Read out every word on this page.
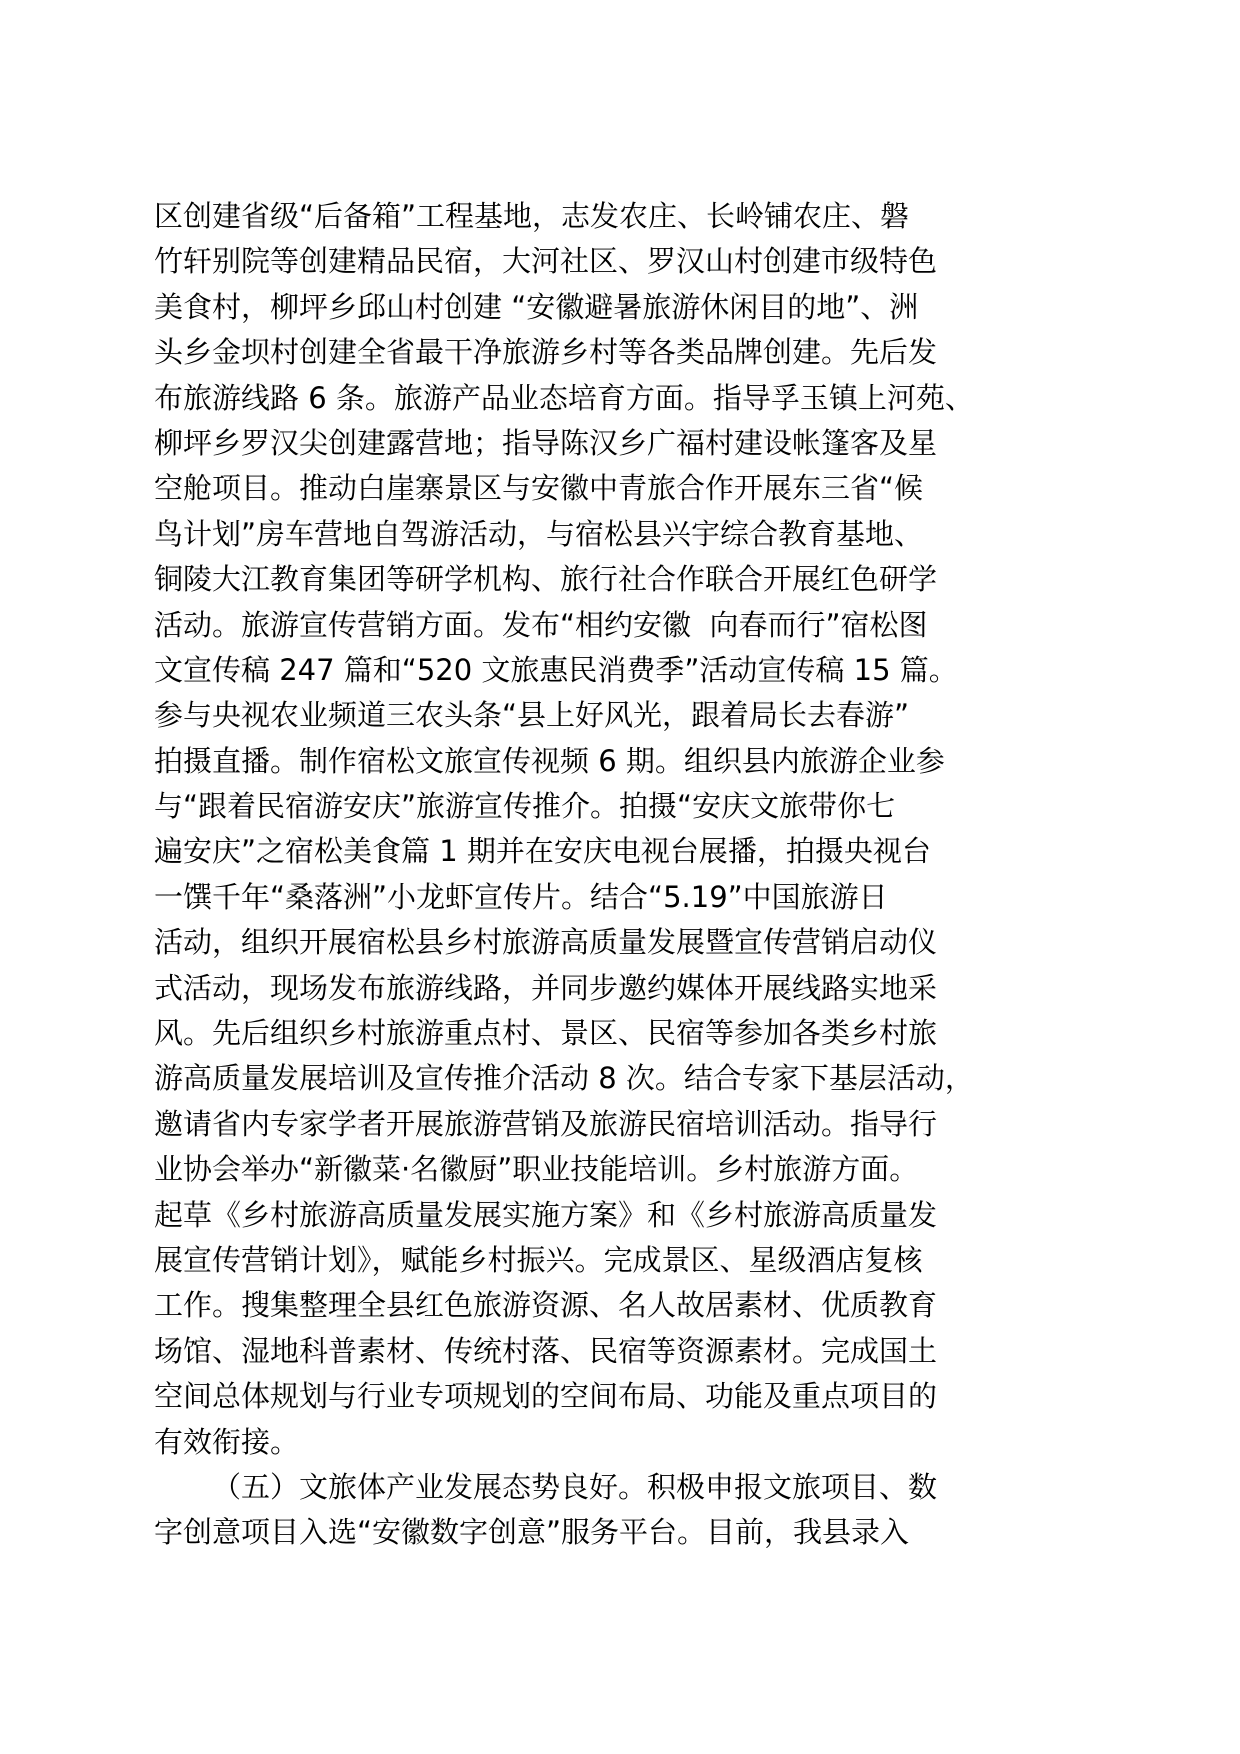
区创建省级“后备箱”工程基地，志发农庄、长岭铺农庄、磐
竹轩别院等创建精品民宿，大河社区、罗汉山村创建市级特色
美食村，柳坪乡邱山村创建 “安徽避暑旅游休闲目的地”、洲
头乡金坝村创建全省最干净旅游乡村等各类品牌创建。先后发
布旅游线路 6 条。旅游产品业态培育方面。指导孚玉镇上河苑、
柳坪乡罗汉尖创建露营地；指导陈汉乡广福村建设帐篷客及星
空舱项目。推动白崖寨景区与安徽中青旅合作开展东三省“候
鸟计划”房车营地自驾游活动，与宿松县兴宇综合教育基地、
铜陵大江教育集团等研学机构、旅行社合作联合开展红色研学
活动。旅游宣传营销方面。发布“相约安徽  向春而行”宿松图
文宣传稿 247 篇和“520 文旅惠民消费季”活动宣传稿 15 篇。
参与央视农业频道三农头条“县上好风光，跟着局长去春游”
拍摄直播。制作宿松文旅宣传视频 6 期。组织县内旅游企业参
与“跟着民宿游安庆”旅游宣传推介。拍摄“安庆文旅带你七
遍安庆”之宿松美食篇 1 期并在安庆电视台展播，拍摄央视台
一馔千年“桑落洲”小龙虾宣传片。结合“5.19”中国旅游日
活动，组织开展宿松县乡村旅游高质量发展暨宣传营销启动仪
式活动，现场发布旅游线路，并同步邀约媒体开展线路实地采
风。先后组织乡村旅游重点村、景区、民宿等参加各类乡村旅
游高质量发展培训及宣传推介活动 8 次。结合专家下基层活动，
邀请省内专家学者开展旅游营销及旅游民宿培训活动。指导行
业协会举办“新徽菜·名徽厨”职业技能培训。乡村旅游方面。
起草《乡村旅游高质量发展实施方案》和《乡村旅游高质量发
展宣传营销计划》，赋能乡村振兴。完成景区、星级酒店复核
工作。搜集整理全县红色旅游资源、名人故居素材、优质教育
场馆、湿地科普素材、传统村落、民宿等资源素材。完成国土
空间总体规划与行业专项规划的空间布局、功能及重点项目的
有效衔接。
（五）文旅体产业发展态势良好。积极申报文旅项目、数
字创意项目入选“安徽数字创意”服务平台。目前，我县录入
